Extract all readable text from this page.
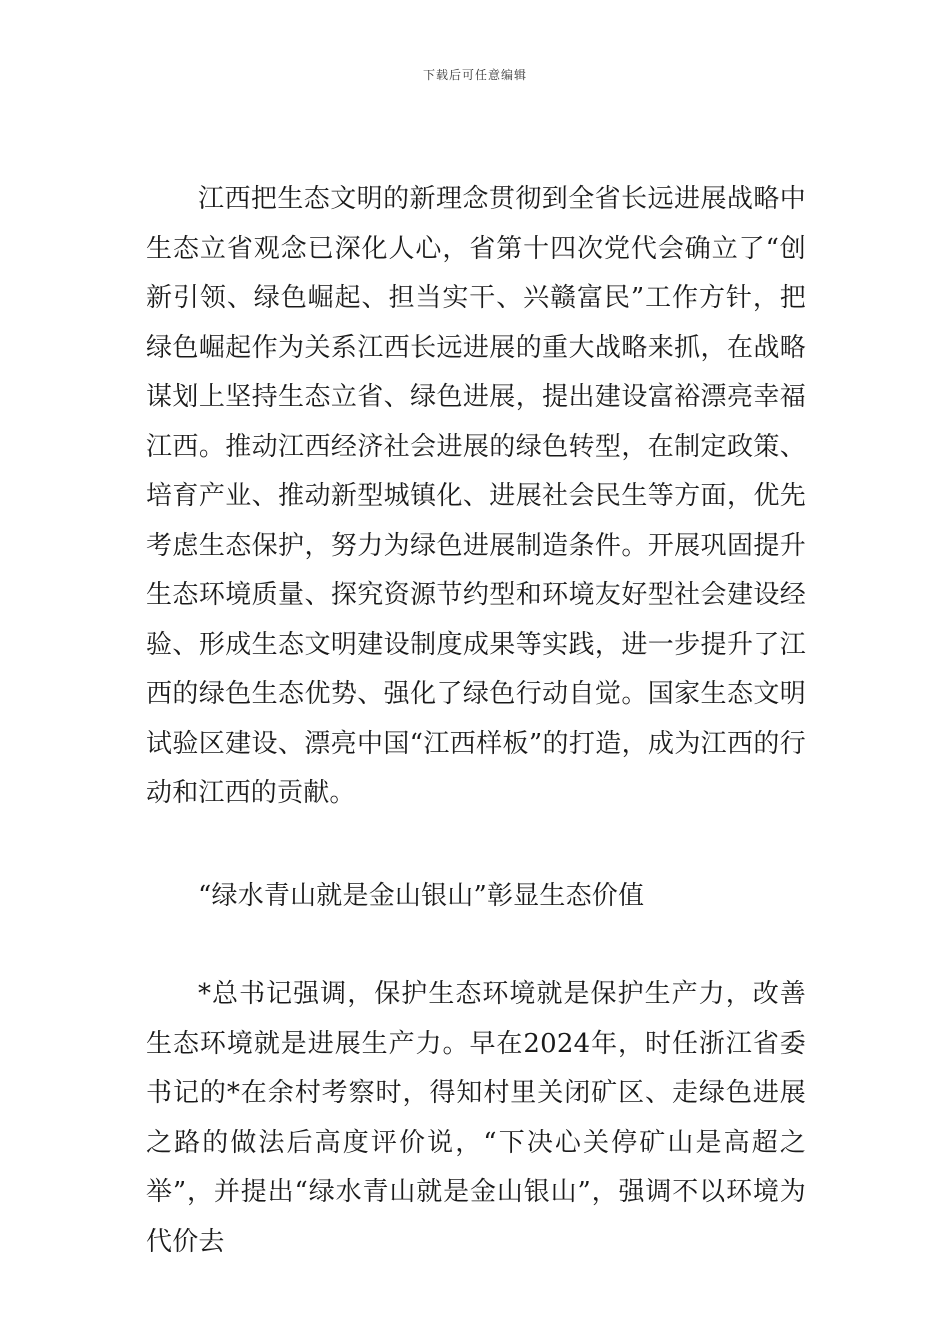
下载后可任意编辑

江西把生态文明的新理念贯彻到全省长远进展战略中生态立省观念已深化人心，省第十四次党代会确立了“创新引领、绿色崛起、担当实干、兴赣富民”工作方针，把绿色崛起作为关系江西长远进展的重大战略来抓，在战略谋划上坚持生态立省、绿色进展，提出建设富裕漂亮幸福江西。推动江西经济社会进展的绿色转型，在制定政策、培育产业、推动新型城镇化、进展社会民生等方面，优先考虑生态保护，努力为绿色进展制造条件。开展巩固提升生态环境质量、探究资源节约型和环境友好型社会建设经验、形成生态文明建设制度成果等实践，进一步提升了江西的绿色生态优势、强化了绿色行动自觉。国家生态文明试验区建设、漂亮中国“江西样板”的打造，成为江西的行动和江西的贡献。

“绿水青山就是金山银山”彰显生态价值

*总书记强调，保护生态环境就是保护生产力，改善生态环境就是进展生产力。早在2024年，时任浙江省委书记的*在余村考察时，得知村里关闭矿区、走绿色进展之路的做法后高度评价说，“下决心关停矿山是高超之举”，并提出“绿水青山就是金山银山”，强调不以环境为代价去
